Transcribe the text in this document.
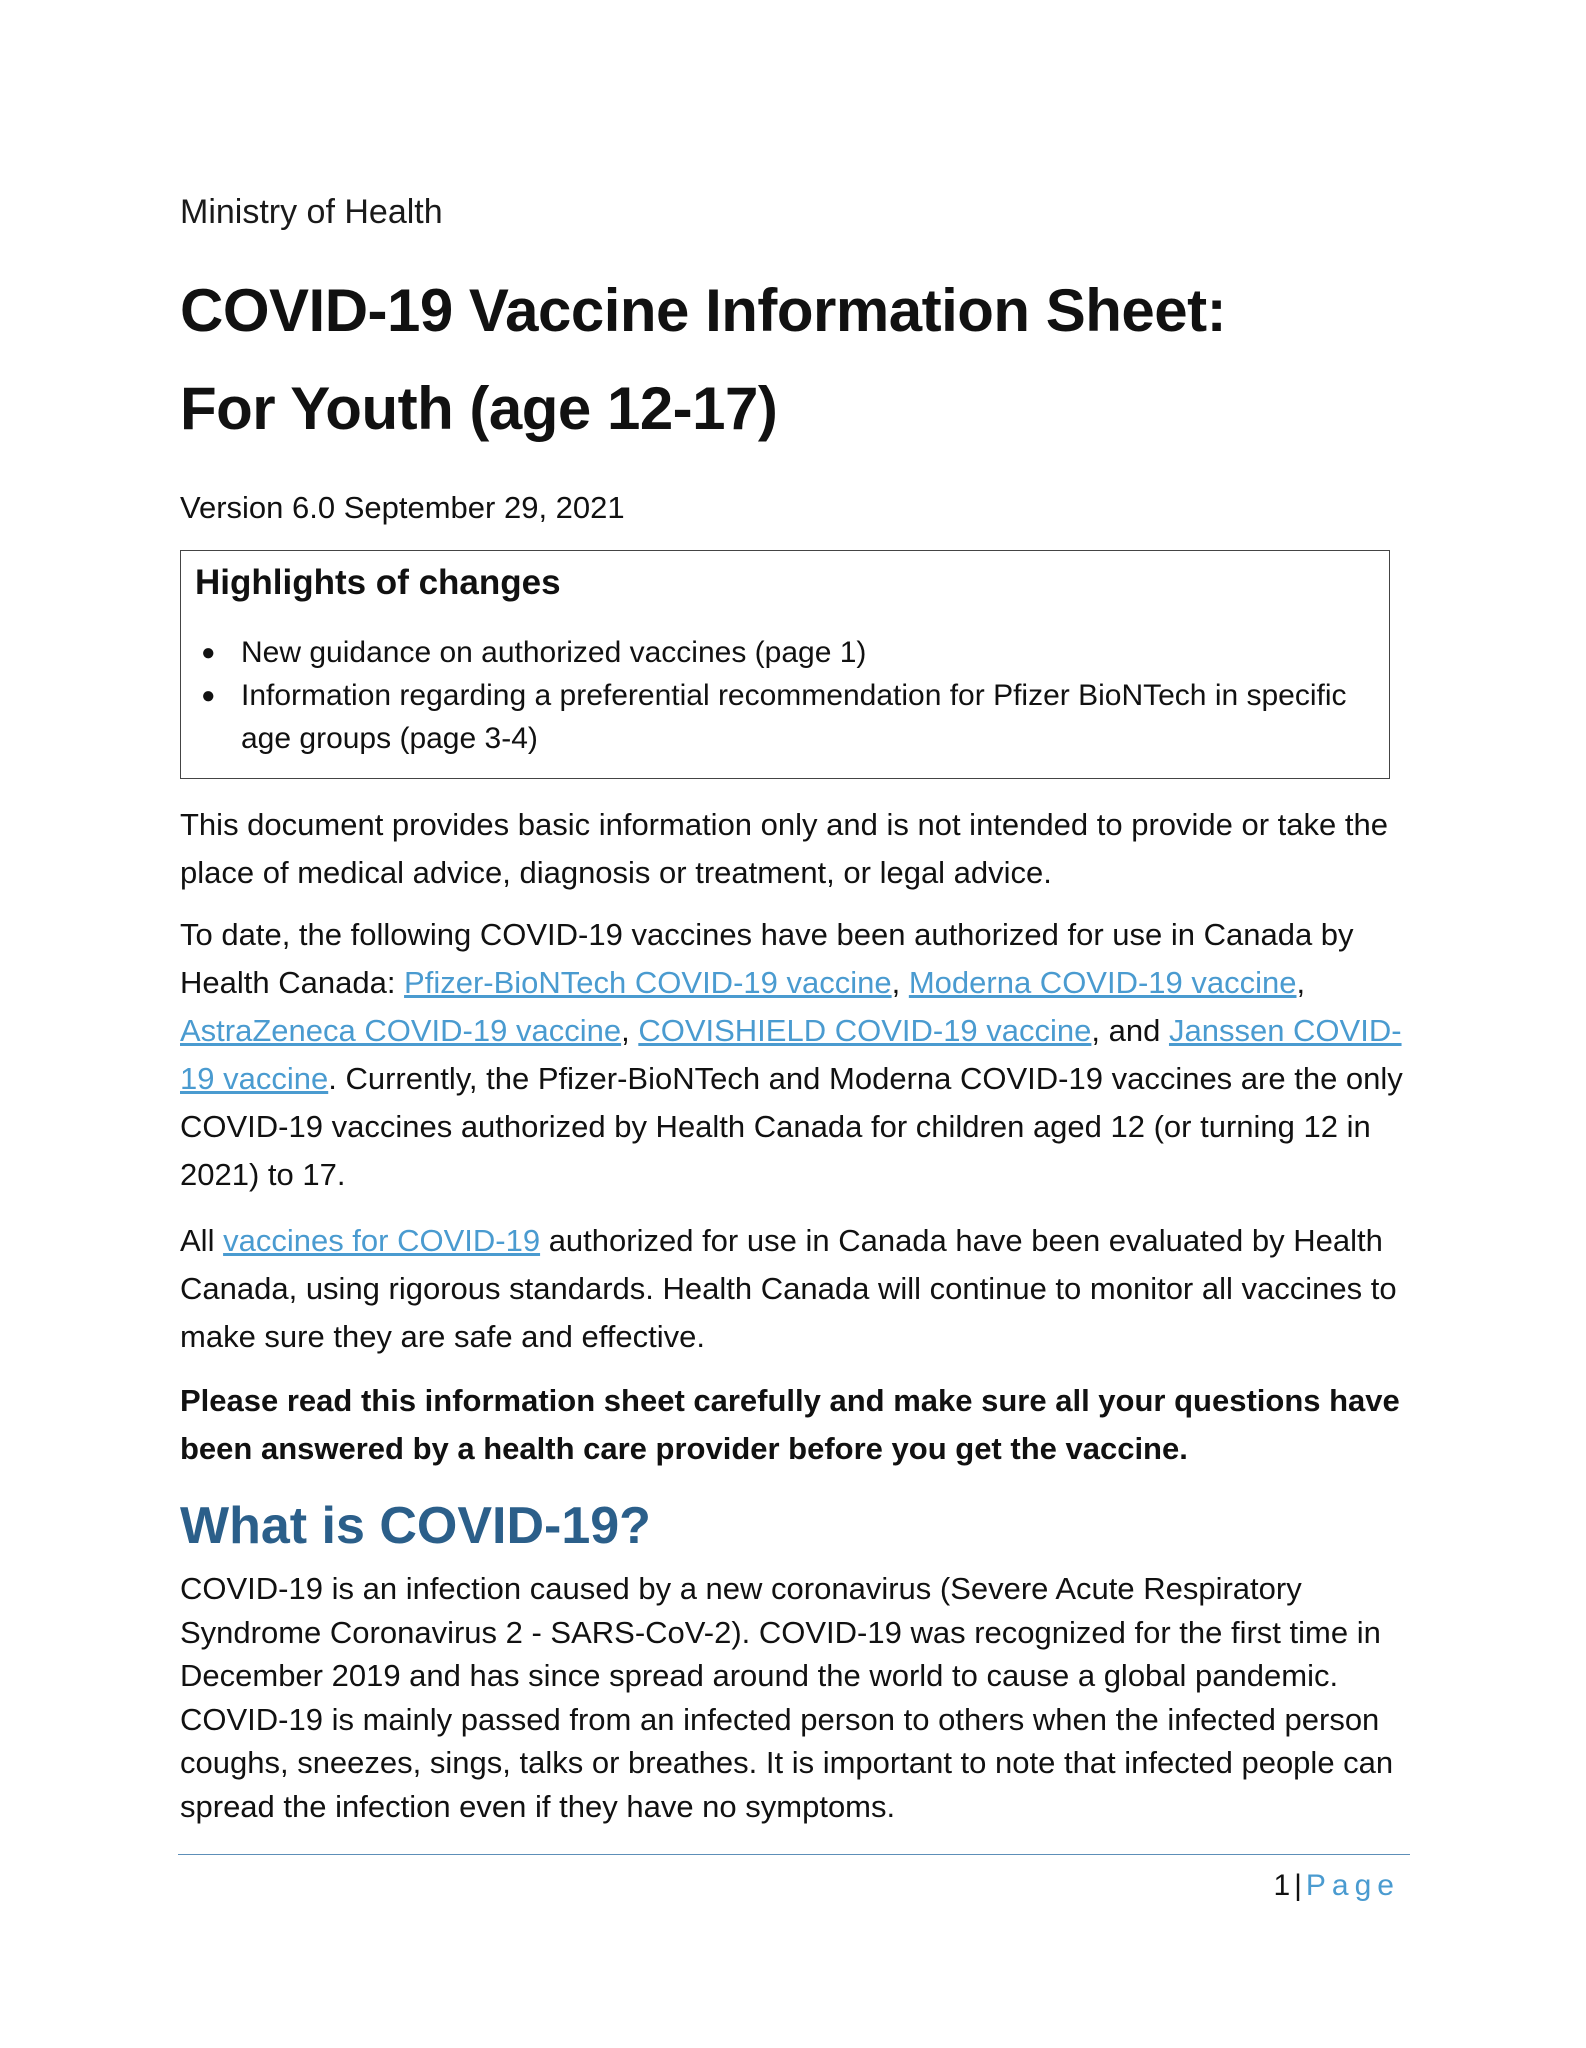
Ministry of Health
COVID-19 Vaccine Information Sheet:
For Youth (age 12-17)
Version 6.0 September 29, 2021
Highlights of changes
● New guidance on authorized vaccines (page 1)
● Information regarding a preferential recommendation for Pfizer BioNTech in specific age groups (page 3-4)

This document provides basic information only and is not intended to provide or take the place of medical advice, diagnosis or treatment, or legal advice.

To date, the following COVID-19 vaccines have been authorized for use in Canada by Health Canada: Pfizer-BioNTech COVID-19 vaccine, Moderna COVID-19 vaccine, AstraZeneca COVID-19 vaccine, COVISHIELD COVID-19 vaccine, and Janssen COVID-19 vaccine. Currently, the Pfizer-BioNTech and Moderna COVID-19 vaccines are the only COVID-19 vaccines authorized by Health Canada for children aged 12 (or turning 12 in 2021) to 17.

All vaccines for COVID-19 authorized for use in Canada have been evaluated by Health Canada, using rigorous standards. Health Canada will continue to monitor all vaccines to make sure they are safe and effective.

Please read this information sheet carefully and make sure all your questions have been answered by a health care provider before you get the vaccine.

What is COVID-19?

COVID-19 is an infection caused by a new coronavirus (Severe Acute Respiratory Syndrome Coronavirus 2 - SARS-CoV-2). COVID-19 was recognized for the first time in December 2019 and has since spread around the world to cause a global pandemic. COVID-19 is mainly passed from an infected person to others when the infected person coughs, sneezes, sings, talks or breathes. It is important to note that infected people can spread the infection even if they have no symptoms.

1 | Page
